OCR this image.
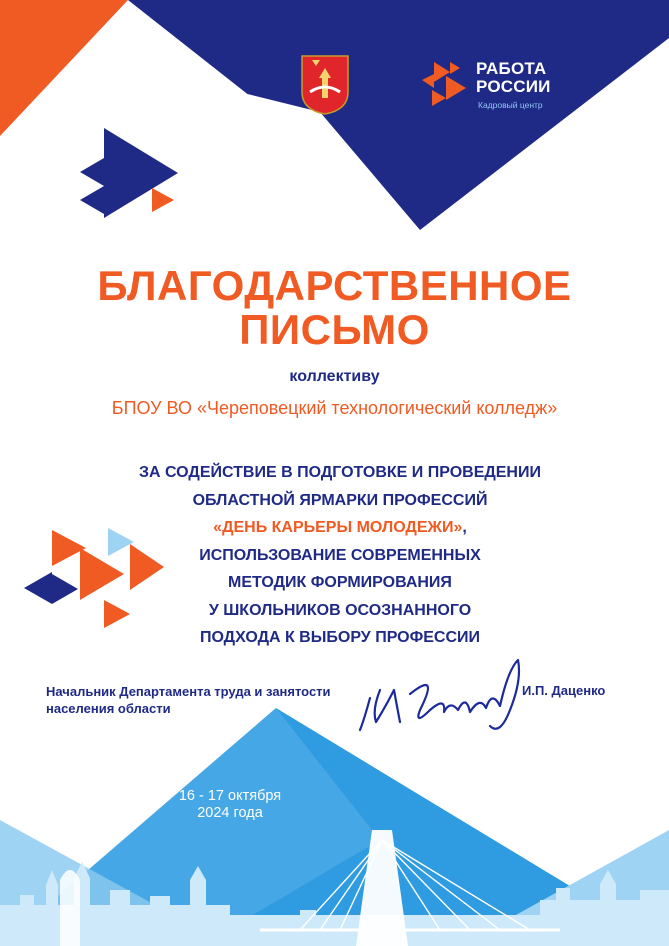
РАБОТА
РОССИИ
Кадровый центр
БЛАГОДАРСТВЕННОЕ
ПИСЬМО
коллективу
БПОУ ВО «Череповецкий технологический колледж»
ЗА СОДЕЙСТВИЕ В ПОДГОТОВКЕ И ПРОВЕДЕНИИ
ОБЛАСТНОЙ ЯРМАРКИ ПРОФЕССИЙ
«ДЕНЬ КАРЬЕРЫ МОЛОДЕЖИ»,
ИСПОЛЬЗОВАНИЕ СОВРЕМЕННЫХ
МЕТОДИК ФОРМИРОВАНИЯ
У ШКОЛЬНИКОВ ОСОЗНАННОГО
ПОДХОДА К ВЫБОРУ ПРОФЕССИИ
Начальник Департамента труда и занятости
населения области
И.П. Даценко
16 - 17 октября
2024 года
